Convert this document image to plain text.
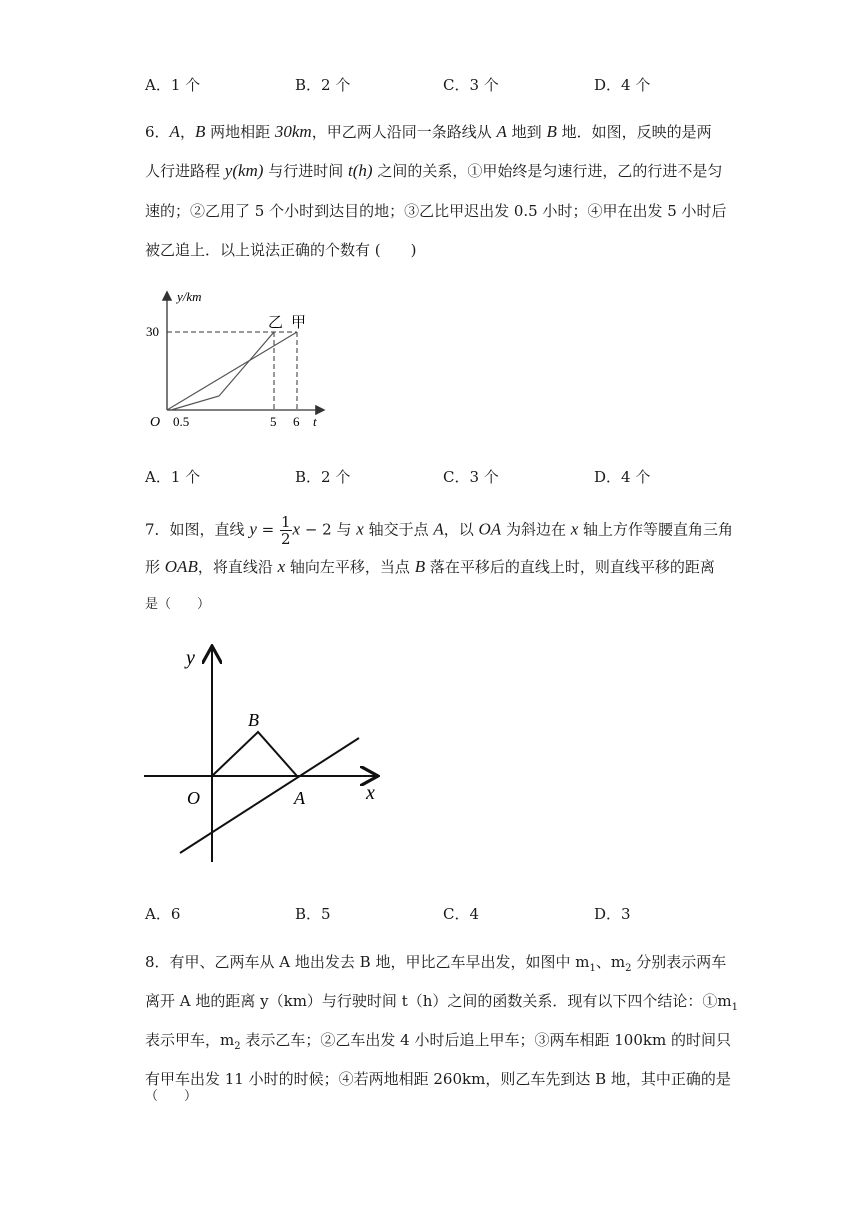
A．1 个	B．2 个	C．3 个	D．4 个
6．A，B 两地相距 30km，甲乙两人沿同一条路线从 A 地到 B 地．如图，反映的是两
人行进路程 y(km) 与行进时间 t(h) 之间的关系，①甲始终是匀速行进，乙的行进不是匀
速的；②乙用了 5 个小时到达目的地；③乙比甲迟出发 0.5 小时；④甲在出发 5 小时后
被乙追上．以上说法正确的个数有 (　　)
y/km
30
O 0.5	5 6 t
乙 甲
A．1 个	B．2 个	C．3 个	D．4 个
7．如图，直线 $y = \frac{1}{2}$ x − 2 与 x 轴交于点 A，以 OA 为斜边在 x 轴上方作等腰直角三角
形 OAB，将直线沿 x 轴向左平移，当点 B 落在平移后的直线上时，则直线平移的距离
是（　　）
y
x
O	A
B
A．6	B．5	C．4	D．3
8．有甲、乙两车从 A 地出发去 B 地，甲比乙车早出发，如图中 $m_1$、$m_2$ 分别表示两车
离开 A 地的距离 y（km）与行驶时间 t（h）之间的函数关系．现有以下四个结论：$①m_1$
表示甲车，$m_2$ 表示乙车；②乙车出发 4 小时后追上甲车；③两车相距 100km 的时间只
有甲车出发 11 小时的时候；④若两地相距 260km，则乙车先到达 B 地，其中正确的是
（　　）
